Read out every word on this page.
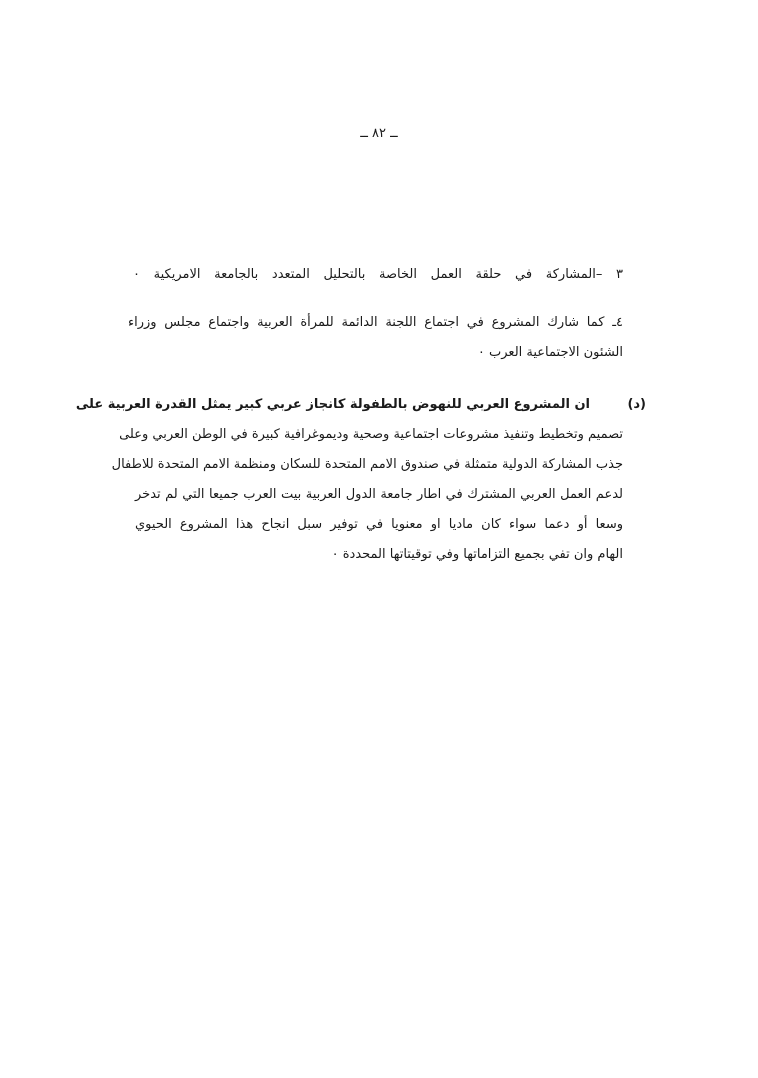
ــ ٨٢ ــ
٣ –المشاركة في حلقة العمل الخاصة بالتحليل المتعدد بالجامعة الامريكية ٠
٤ـ كما شارك المشروع في اجتماع اللجنة الدائمة للمرأة العربية واجتماع مجلس وزراء
الشئون الاجتماعية العرب ٠
(د)
ان المشروع العربي للنهوض بالطفولة كانجاز عربي كبير يمثل القدرة العربية على
تصميم وتخطيط وتنفيذ مشروعات اجتماعية وصحية وديموغرافية كبيرة في الوطن العربي وعلى
جذب المشاركة الدولية متمثلة في صندوق الامم المتحدة للسكان ومنظمة الامم المتحدة للاطفال
لدعم العمل العربي المشترك في اطار جامعة الدول العربية بيت العرب جميعا التي لم تدخر
وسعا أو دعما سواء كان ماديا او معنويا في توفير سبل انجاح هذا المشروع الحيوي
الهام وان تفي بجميع التزاماتها وفي توقيتاتها المحددة ٠
